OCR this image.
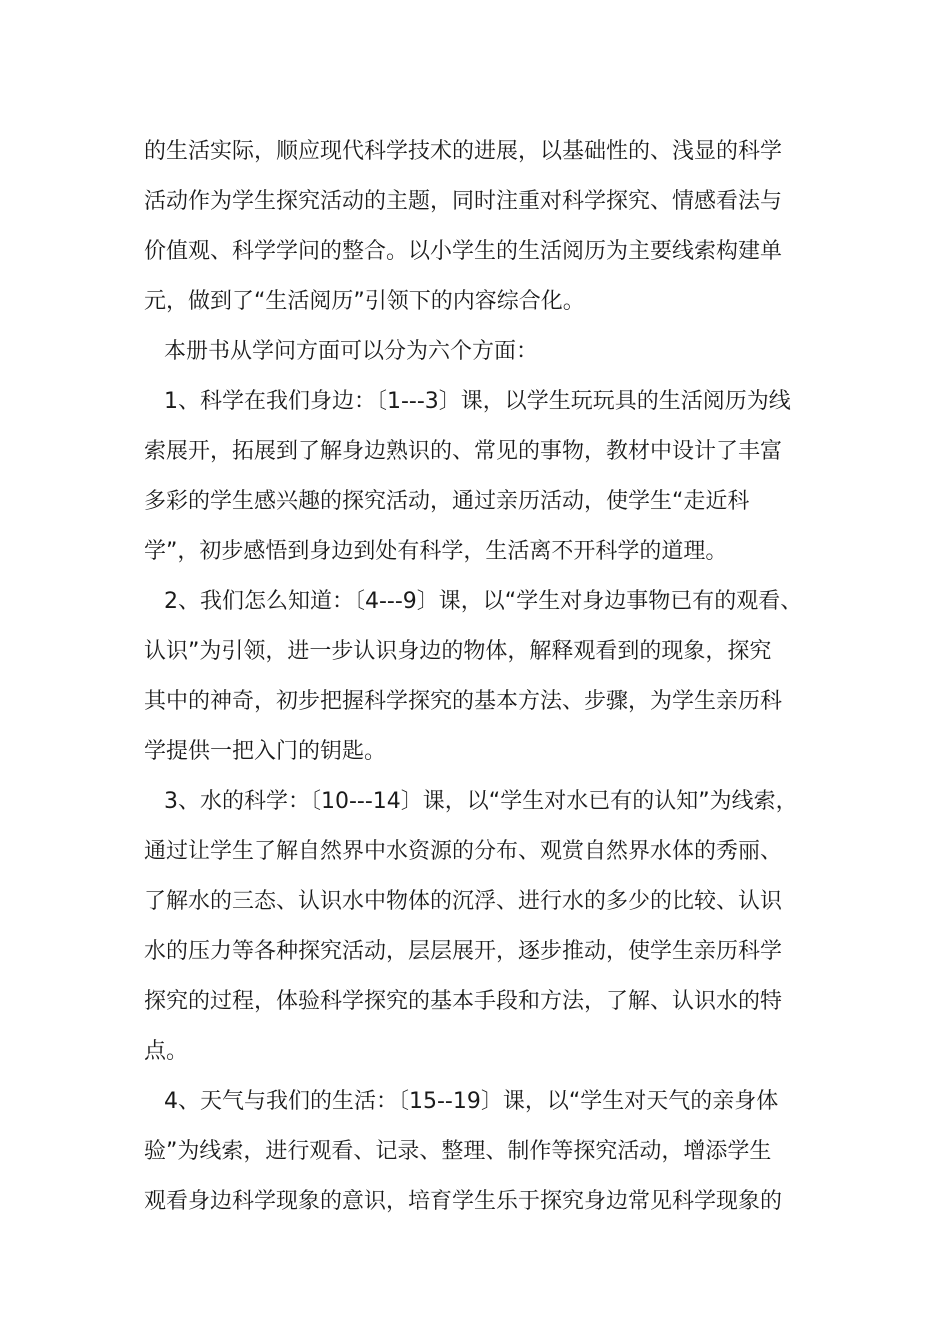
的生活实际，顺应现代科学技术的进展，以基础性的、浅显的科学
活动作为学生探究活动的主题，同时注重对科学探究、情感看法与
价值观、科学学问的整合。以小学生的生活阅历为主要线索构建单
元，做到了“生活阅历”引领下的内容综合化。
本册书从学问方面可以分为六个方面：
1、科学在我们身边：〔1---3〕课，以学生玩玩具的生活阅历为线
索展开，拓展到了解身边熟识的、常见的事物，教材中设计了丰富
多彩的学生感兴趣的探究活动，通过亲历活动，使学生“走近科
学”，初步感悟到身边到处有科学，生活离不开科学的道理。
2、我们怎么知道：〔4---9〕课，以“学生对身边事物已有的观看、
认识”为引领，进一步认识身边的物体，解释观看到的现象，探究
其中的神奇，初步把握科学探究的基本方法、步骤，为学生亲历科
学提供一把入门的钥匙。
3、水的科学：〔10---14〕课，以“学生对水已有的认知”为线索，
通过让学生了解自然界中水资源的分布、观赏自然界水体的秀丽、
了解水的三态、认识水中物体的沉浮、进行水的多少的比较、认识
水的压力等各种探究活动，层层展开，逐步推动，使学生亲历科学
探究的过程，体验科学探究的基本手段和方法，了解、认识水的特
点。
4、天气与我们的生活：〔15--19〕课，以“学生对天气的亲身体
验”为线索，进行观看、记录、整理、制作等探究活动，增添学生
观看身边科学现象的意识，培育学生乐于探究身边常见科学现象的
